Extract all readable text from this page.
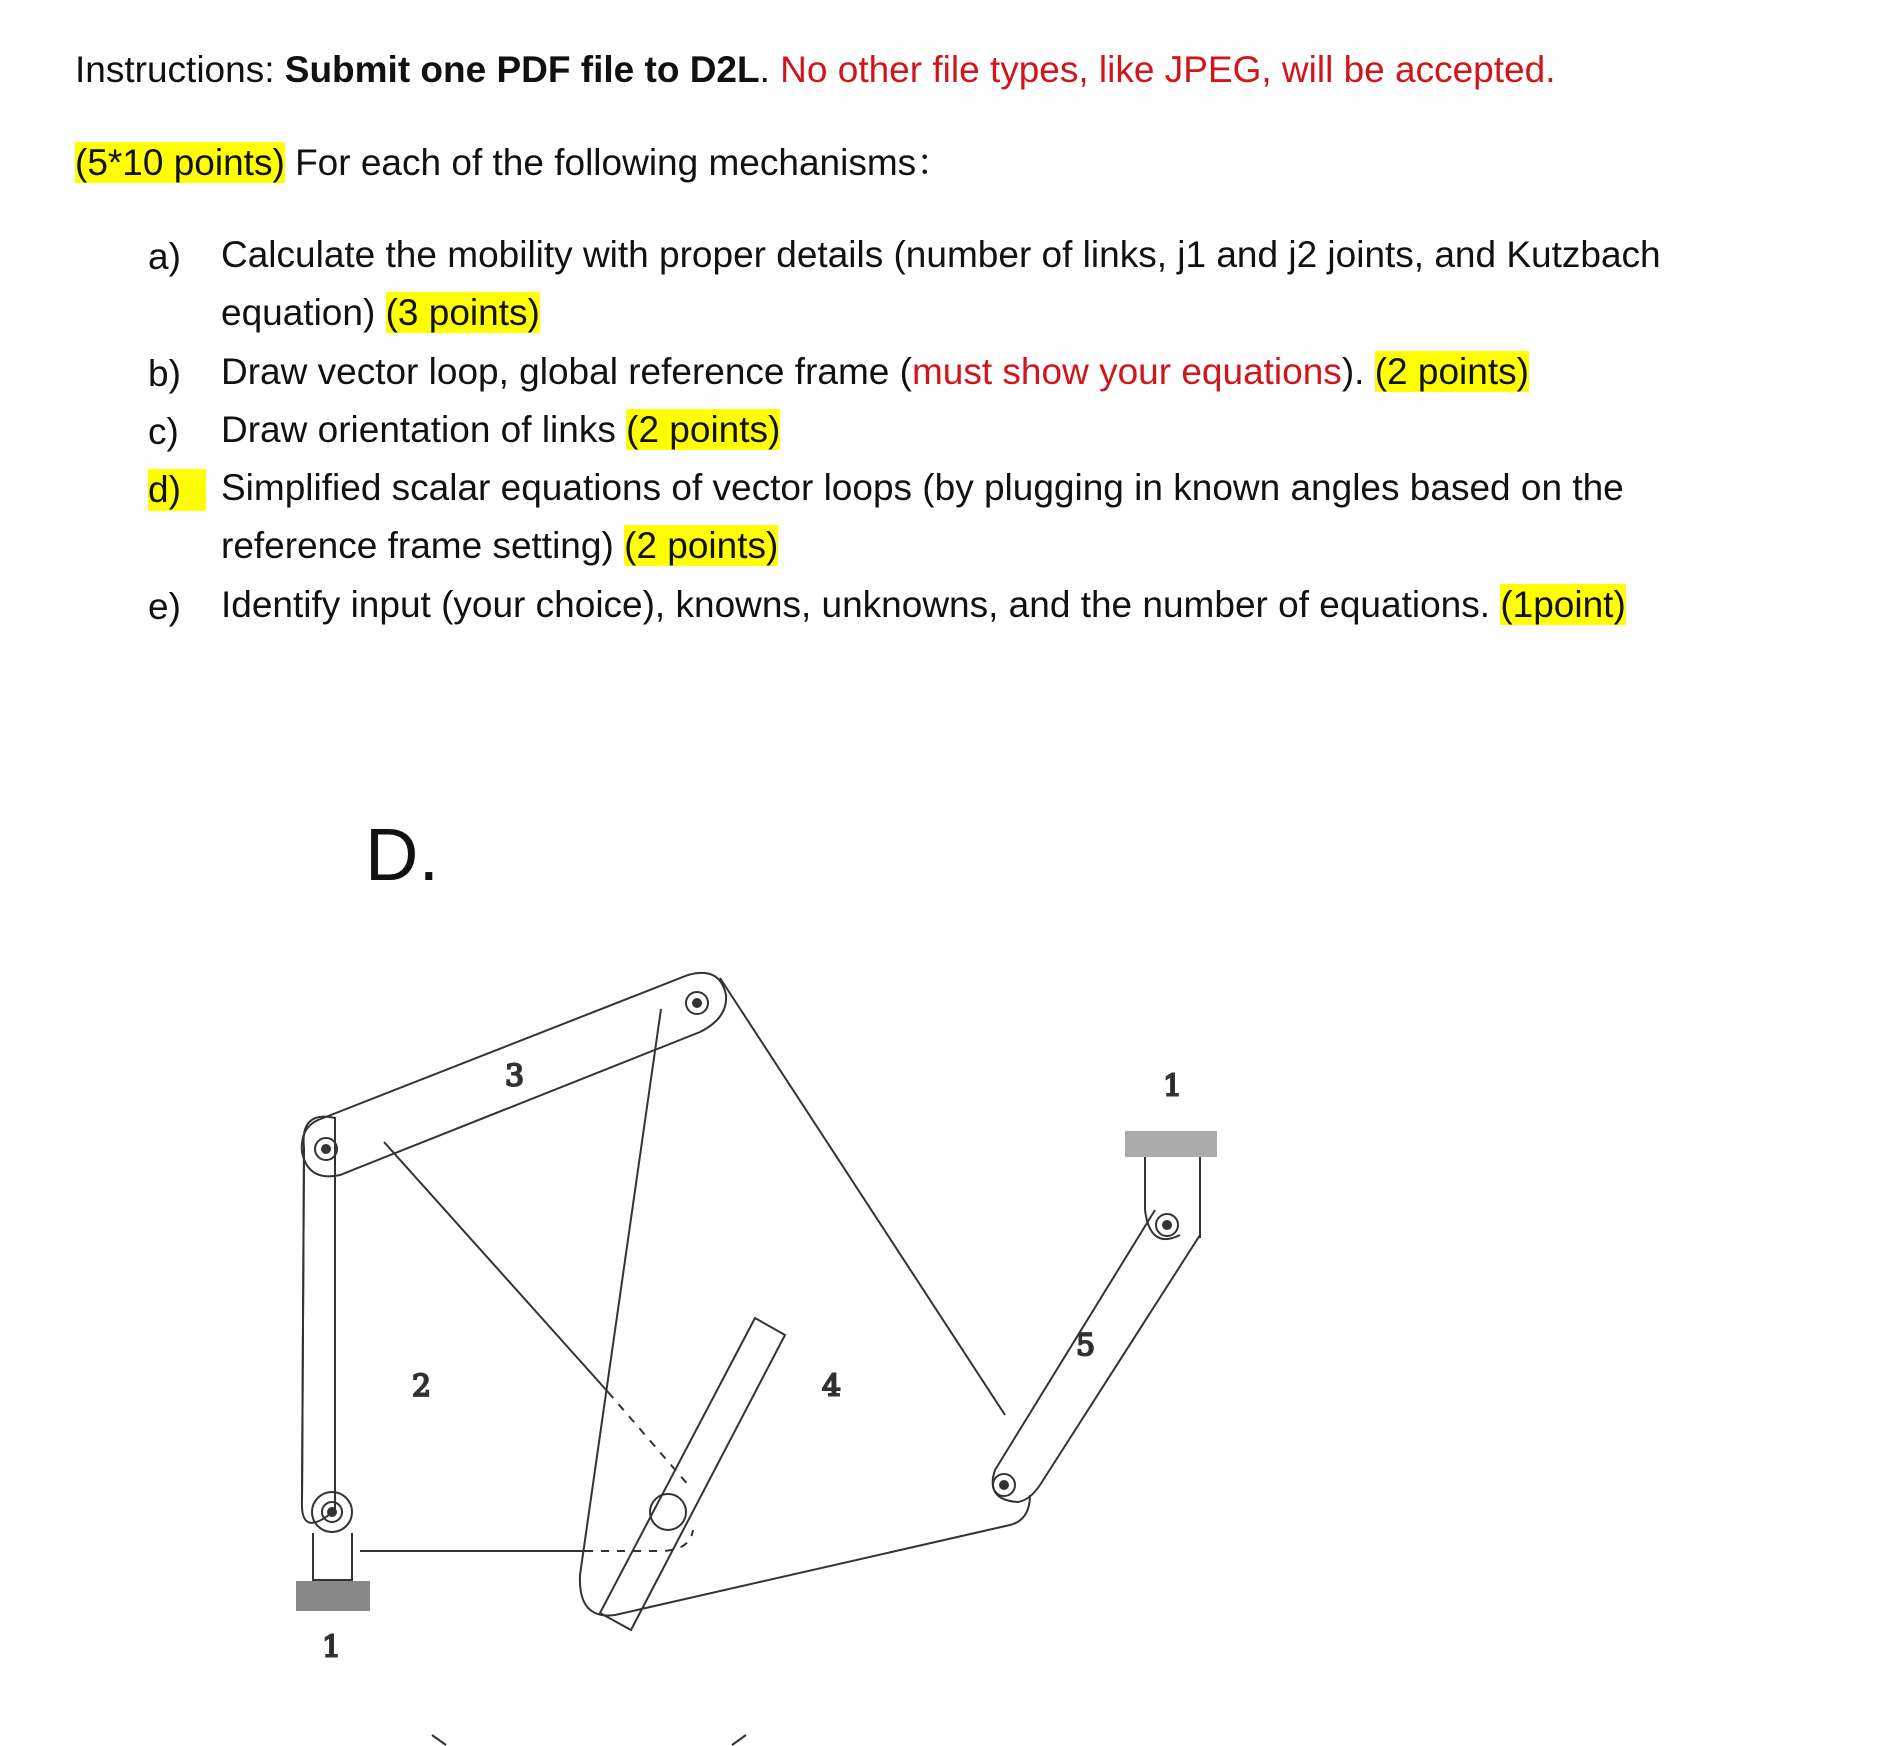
Instructions: Submit one PDF file to D2L. No other file types, like JPEG, will be accepted.
(5*10 points) For each of the following mechanisms：
a) Calculate the mobility with proper details (number of links, j1 and j2 joints, and Kutzbach equation) (3 points)
b) Draw vector loop, global reference frame (must show your equations). (2 points)
c) Draw orientation of links (2 points)
d)	Simplified scalar equations of vector loops (by plugging in known angles based on the reference frame setting) (2 points)
e) Identify input (your choice), knowns, unknowns, and the number of equations. (1point)
D.
1
1
2
3
4
5
